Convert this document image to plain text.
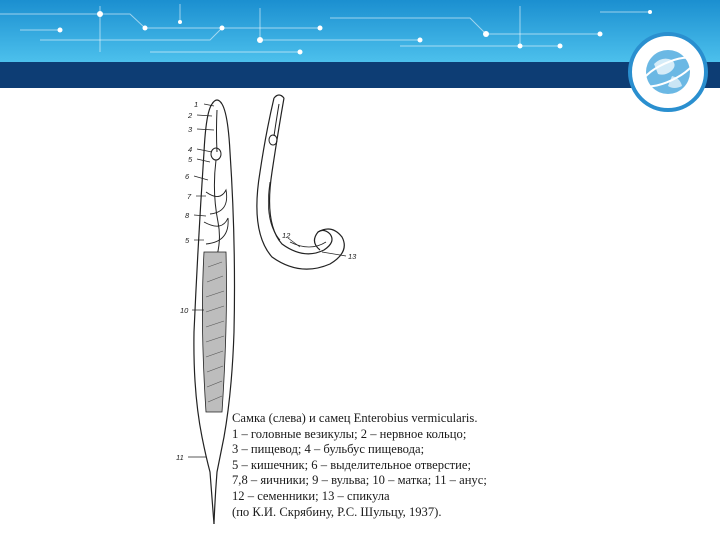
1
2
3
4
5
6
7
8
5
10
11
12
13
Самка (слева) и самец Enterobius vermicularis.
1 – головные везикулы; 2 – нервное кольцо;
3 – пищевод; 4 – бульбус пищевода;
5 – кишечник; 6 – выделительное отверстие;
7,8 – яичники; 9 – вульва; 10 – матка; 11 – анус;
12 – семенники; 13 – спикула
(по К.И. Скрябину, Р.С. Шульцу, 1937).
